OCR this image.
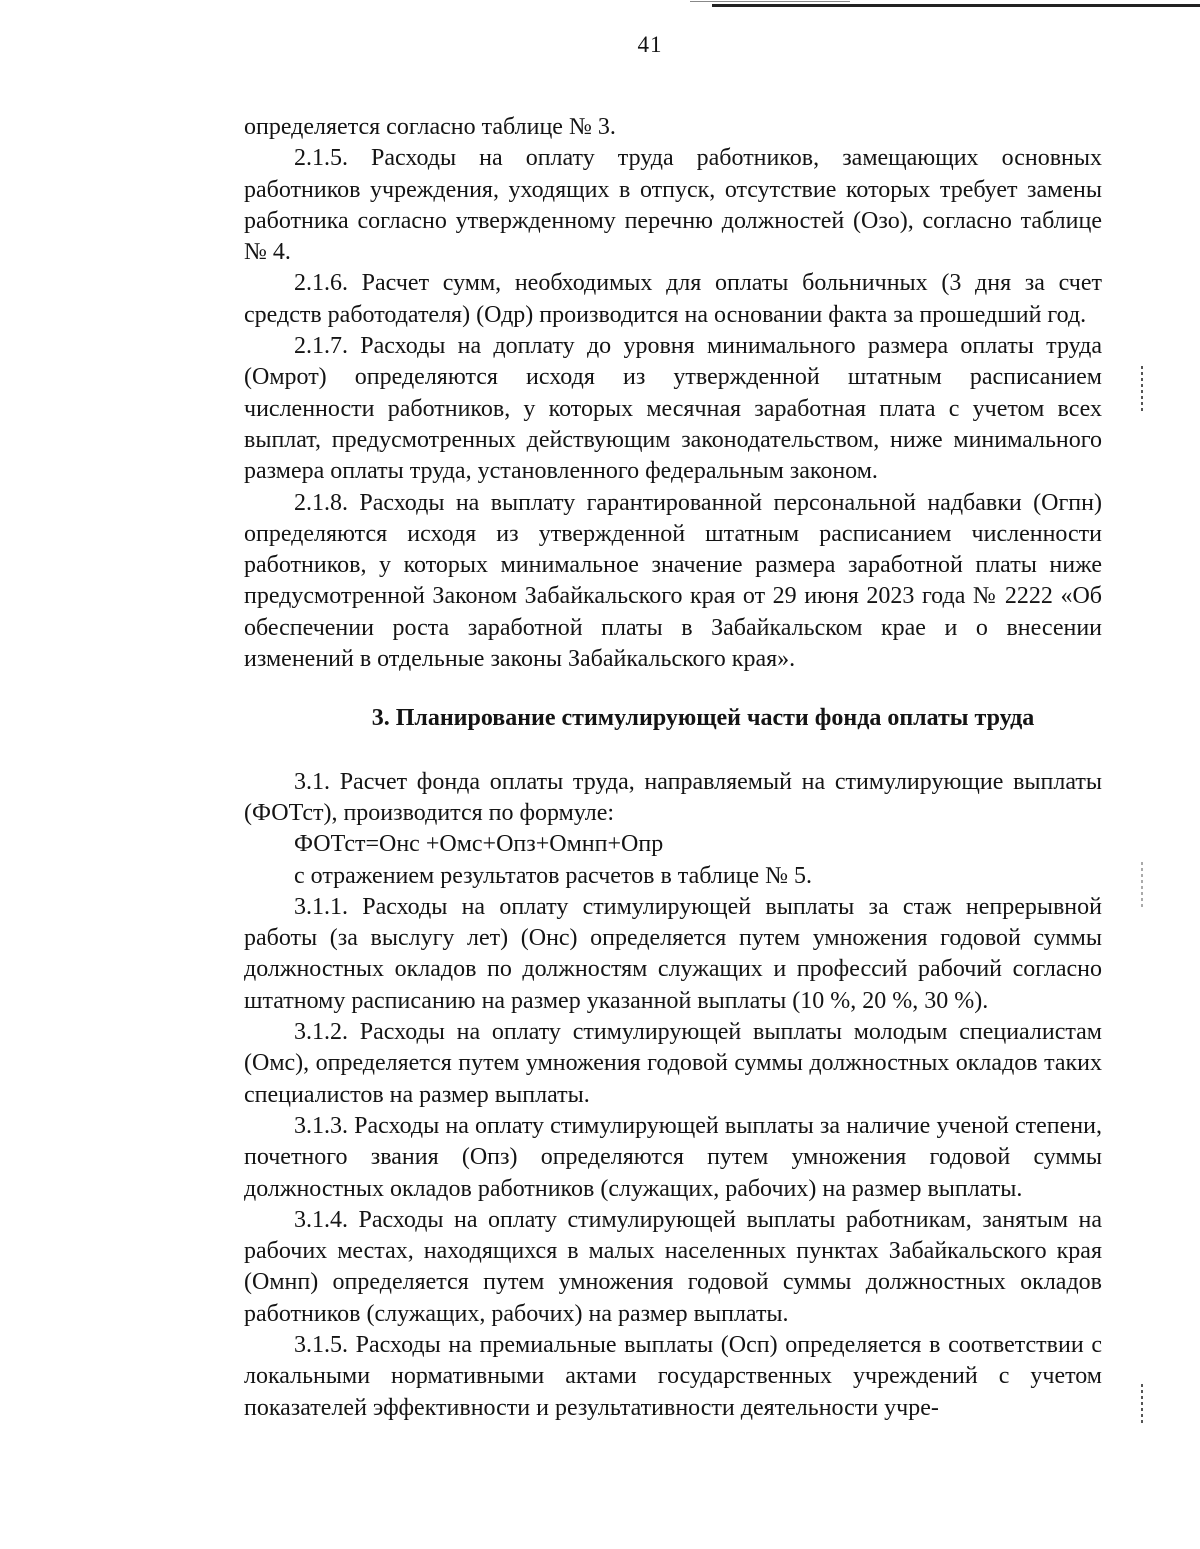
41

определяется согласно таблице № 3.

2.1.5. Расходы на оплату труда работников, замещающих основных работников учреждения, уходящих в отпуск, отсутствие которых требует замены работника согласно утвержденному перечню должностей (Озо), согласно таблице № 4.

2.1.6. Расчет сумм, необходимых для оплаты больничных (3 дня за счет средств работодателя) (Одр) производится на основании факта за прошедший год.

2.1.7. Расходы на доплату до уровня минимального размера оплаты труда (Омрот) определяются исходя из утвержденной штатным расписанием численности работников, у которых месячная заработная плата с учетом всех выплат, предусмотренных действующим законодательством, ниже минимального размера оплаты труда, установленного федеральным законом.

2.1.8. Расходы на выплату гарантированной персональной надбавки (Огпн) определяются исходя из утвержденной штатным расписанием численности работников, у которых минимальное значение размера заработной платы ниже предусмотренной Законом Забайкальского края от 29 июня 2023 года № 2222 «Об обеспечении роста заработной платы в Забайкальском крае и о внесении изменений в отдельные законы Забайкальского края».

3. Планирование стимулирующей части фонда оплаты труда

3.1. Расчет фонда оплаты труда, направляемый на стимулирующие выплаты (ФОТст), производится по формуле:

ФОТст=Онс +Омс+Опз+Омнп+Опр

с отражением результатов расчетов в таблице № 5.

3.1.1. Расходы на оплату стимулирующей выплаты за стаж непрерывной работы (за выслугу лет) (Онс) определяется путем умножения годовой суммы должностных окладов по должностям служащих и профессий рабочий согласно штатному расписанию на размер указанной выплаты (10 %, 20 %, 30 %).

3.1.2. Расходы на оплату стимулирующей выплаты молодым специалистам (Омс), определяется путем умножения годовой суммы должностных окладов таких специалистов на размер выплаты.

3.1.3. Расходы на оплату стимулирующей выплаты за наличие ученой степени, почетного звания (Опз) определяются путем умножения годовой суммы должностных окладов работников (служащих, рабочих) на размер выплаты.

3.1.4. Расходы на оплату стимулирующей выплаты работникам, занятым на рабочих местах, находящихся в малых населенных пунктах Забайкальского края (Омнп) определяется путем умножения годовой суммы должностных окладов работников (служащих, рабочих) на размер выплаты.

3.1.5. Расходы на премиальные выплаты (Осп) определяется в соответствии с локальными нормативными актами государственных учреждений с учетом показателей эффективности и результативности деятельности учре-
